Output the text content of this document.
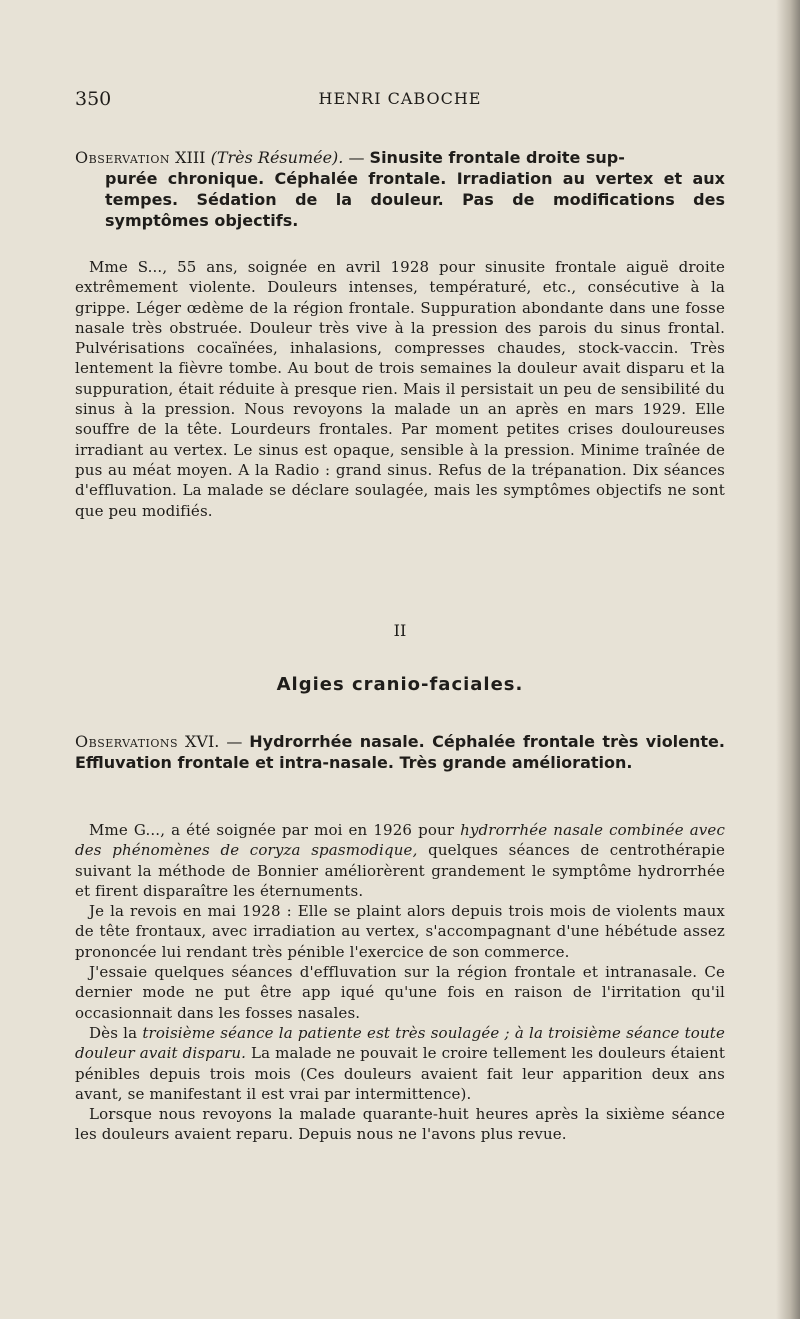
350	HENRI CABOCHE
Observation XIII (Très Résumée). — Sinusite frontale droite sup-
purée chronique. Céphalée frontale. Irradiation au vertex et aux tempes. Sédation de la douleur. Pas de modifications des symptômes objectifs.

Mme S..., 55 ans, soignée en avril 1928 pour sinusite frontale aiguë droite extrêmement violente. Douleurs intenses, températuré, etc., consécutive à la grippe. Léger œdème de la région frontale. Suppuration abondante dans une fosse nasale très obstruée. Douleur très vive à la pression des parois du sinus frontal. Pulvérisations cocaïnées, inhalasions, compresses chaudes, stock-vaccin. Très lentement la fièvre tombe. Au bout de trois semaines la douleur avait disparu et la suppuration, était réduite à presque rien. Mais il persistait un peu de sensibilité du sinus à la pression. Nous revoyons la malade un an après en mars 1929. Elle souffre de la tête. Lourdeurs frontales. Par moment petites crises douloureuses irradiant au vertex. Le sinus est opaque, sensible à la pression. Minime traînée de pus au méat moyen. A la Radio : grand sinus. Refus de la trépanation. Dix séances d'effluvation. La malade se déclare soulagée, mais les symptômes objectifs ne sont que peu modifiés.

II
Algies cranio-faciales.
Observations XVI. — Hydrorrhée nasale. Céphalée frontale très violente. Effluvation frontale et intra-nasale. Très grande amélioration.

Mme G..., a été soignée par moi en 1926 pour hydrorrhée nasale combinée avec des phénomènes de coryza spasmodique, quelques séances de centrothérapie suivant la méthode de Bonnier améliorèrent grandement le symptôme hydrorrhée et firent disparaître les éternuments.

Je la revois en mai 1928 : Elle se plaint alors depuis trois mois de violents maux de tête frontaux, avec irradiation au vertex, s'accompagnant d'une hébétude assez prononcée lui rendant très pénible l'exercice de son commerce.

J'essaie quelques séances d'effluvation sur la région frontale et intranasale. Ce dernier mode ne put être app iqué qu'une fois en raison de l'irritation qu'il occasionnait dans les fosses nasales.

Dès la troisième séance la patiente est très soulagée ; à la troisième séance toute douleur avait disparu. La malade ne pouvait le croire tellement les douleurs étaient pénibles depuis trois mois (Ces douleurs avaient fait leur apparition deux ans avant, se manifestant il est vrai par intermittence).

Lorsque nous revoyons la malade quarante-huit heures après la sixième séance les douleurs avaient reparu. Depuis nous ne l'avons plus revue.
